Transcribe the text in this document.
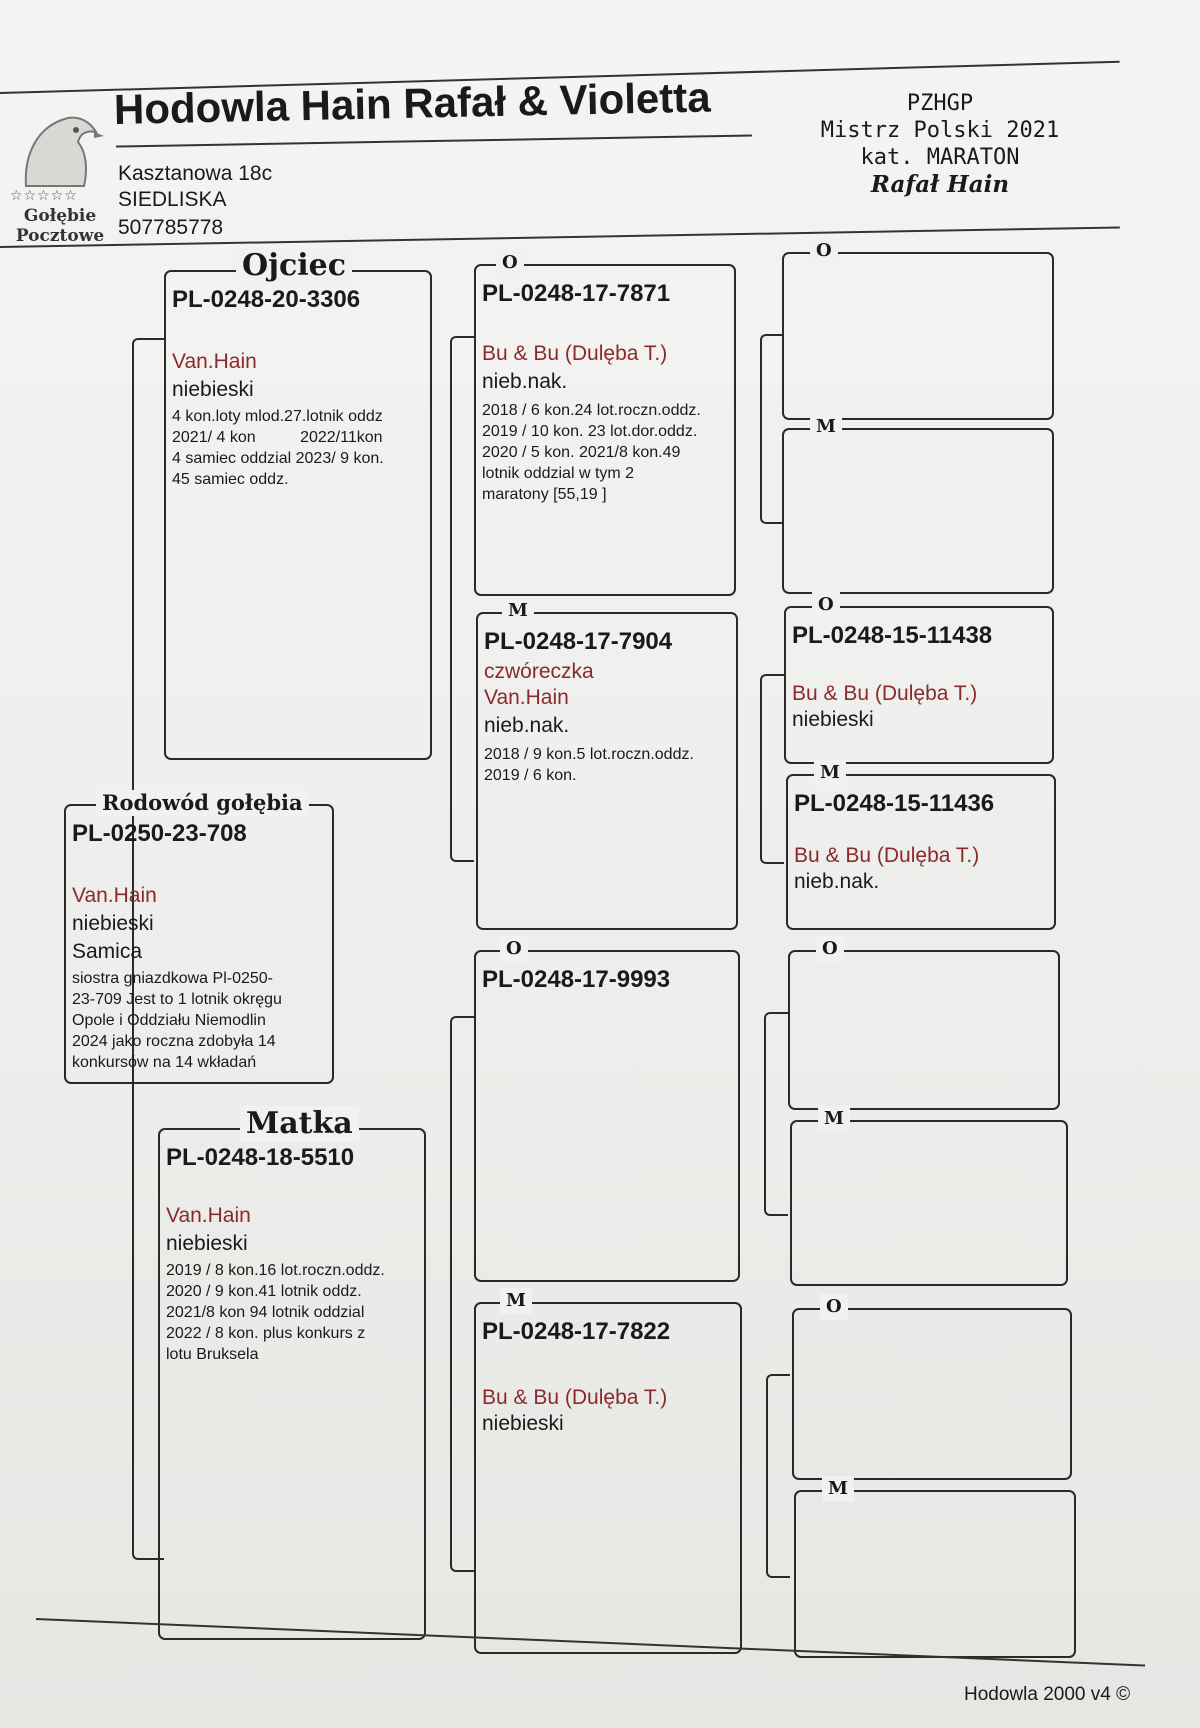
☆☆☆☆☆
Gołębie
Pocztowe
Hodowla Hain Rafał & Violetta
Kasztanowa 18c
SIEDLISKA
507785778
PZHGP
Mistrz Polski 2021
kat. MARATON
Rafał Hain
Ojciec
PL-0248-20-3306
Van.Hain
niebieski
4 kon.loty mlod.27.lotnik oddz
2021/ 4 kon          2022/11kon
4 samiec oddzial 2023/ 9 kon.
45 samiec oddz.
Rodowód gołębia
PL-0250-23-708
Van.Hain
niebieski
Samica
siostra gniazdkowa Pl-0250-
23-709 Jest to 1 lotnik okręgu
Opole i Oddziału Niemodlin
2024 jako roczna zdobyła 14
konkursów na 14 wkładań
Matka
PL-0248-18-5510
Van.Hain
niebieski
2019 / 8 kon.16 lot.roczn.oddz.
2020 / 9 kon.41 lotnik oddz.
2021/8 kon 94 lotnik oddzial
2022 / 8 kon. plus konkurs z
lotu Bruksela
O
PL-0248-17-7871
Bu & Bu (Dulęba T.)
nieb.nak.
2018 / 6 kon.24 lot.roczn.oddz.
2019 / 10 kon. 23 lot.dor.oddz.
2020 / 5 kon. 2021/8 kon.49
lotnik oddzial w tym 2
maratony [55,19 ]
M
PL-0248-17-7904
czwóreczka
Van.Hain
nieb.nak.
2018 / 9 kon.5 lot.roczn.oddz.
2019 / 6 kon.
O
PL-0248-17-9993
M
PL-0248-17-7822
Bu & Bu (Dulęba T.)
niebieski
O
M
O
PL-0248-15-11438
Bu & Bu (Dulęba T.)
niebieski
M
PL-0248-15-11436
Bu & Bu (Dulęba T.)
nieb.nak.
O
M
O
M
Hodowla 2000 v4 ©
